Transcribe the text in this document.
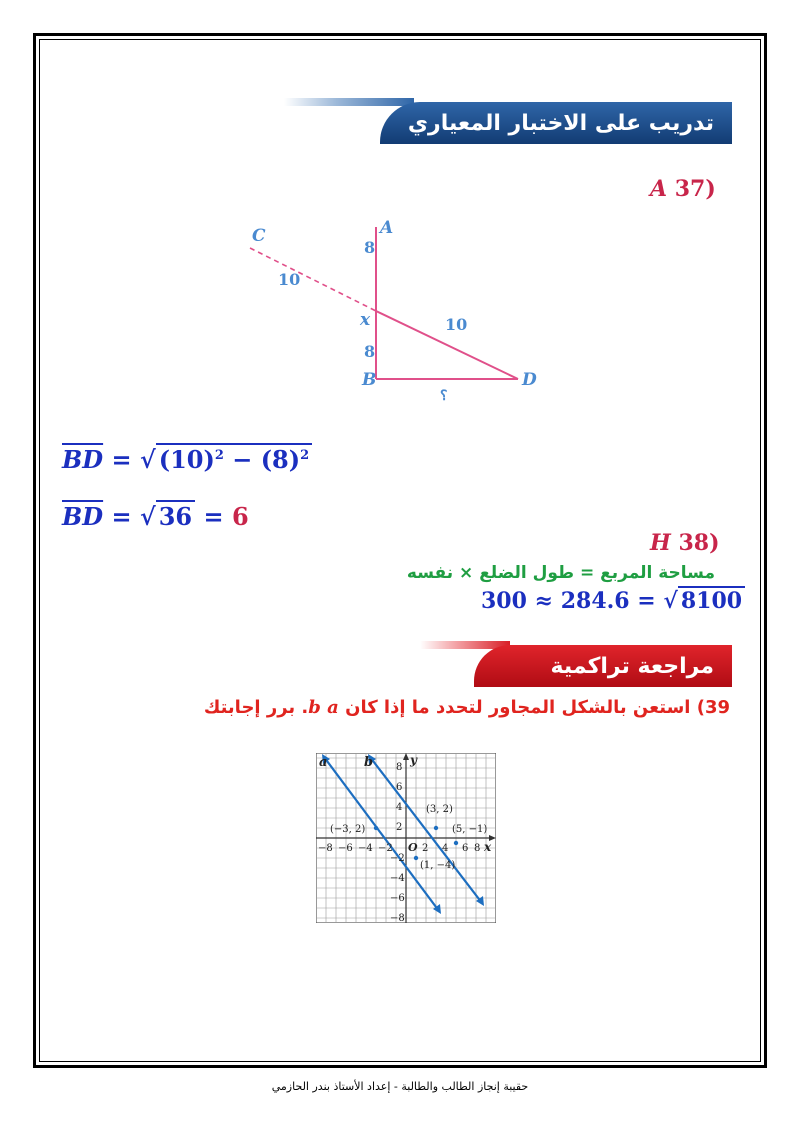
تدريب على الاختبار المعياري
(37 A
C	A
x
B	D
8
8
10
10
؟
$\overline{BD}$ = √ $(10)^2 - (8)^2$
$\overline{BD}$ = √ 36 = 6
(38 H
مساحة المربع = طول الضلع × نفسه
300 ≈ 284.6 = √ 8100
مراجعة تراكمية
39) استعن بالشكل المجاور لتحدد ما إذا كان b a. برر إجابتك
a	b	y
x
O
−8 −6 −4 −2	2 4 6 8
8
6
4
2
−2
−4
−6
−8
(−3, 2)
(3, 2)
(5, −1)
(1, −4)
حقيبة إنجاز الطالب والطالبة - إعداد الأستاذ بندر الحازمي
